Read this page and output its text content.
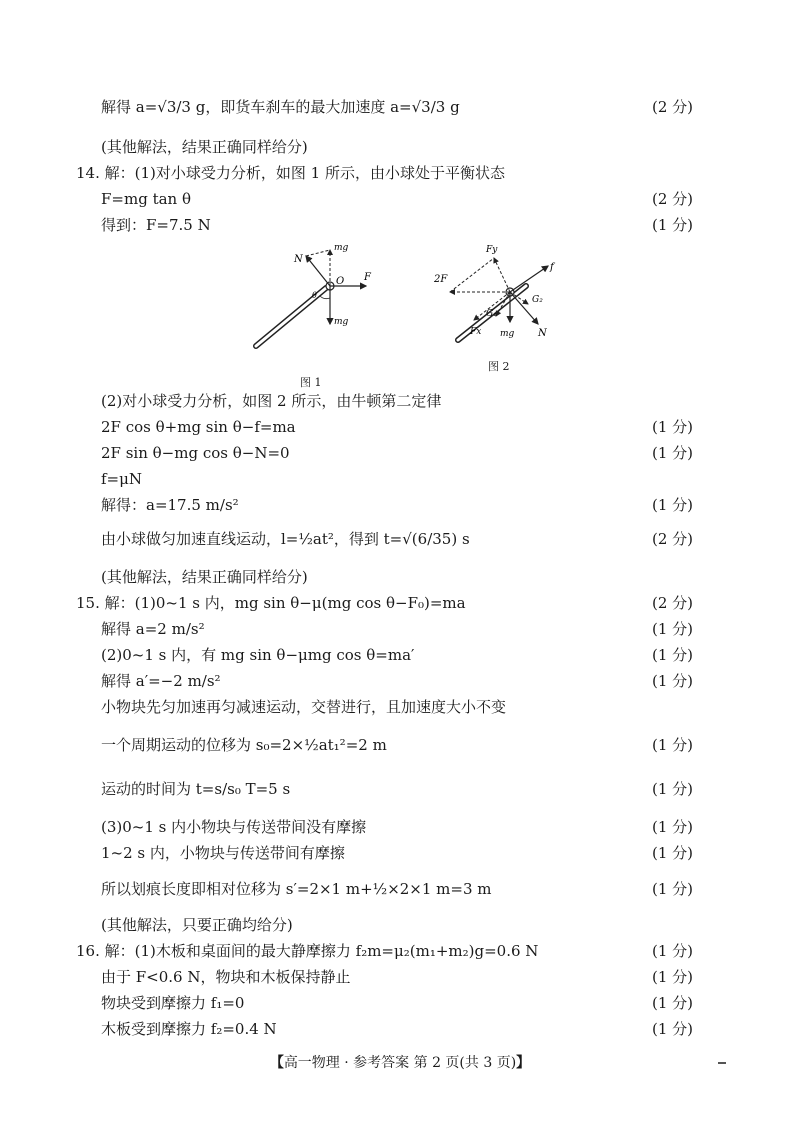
解得 a=√3/3 g，即货车刹车的最大加速度 a=√3/3 g	(2 分)
(其他解法，结果正确同样给分)
14. 解：(1)对小球受力分析，如图 1 所示，由小球处于平衡状态
F=mg tan θ	(2 分)
得到：F=7.5 N	(1 分)
N
mg
O F
θ
mg
图 1
Fy
2F
f
G₂
G₁
Fx mg N
图 2
(2)对小球受力分析，如图 2 所示，由牛顿第二定律
2F cos θ+mg sin θ−f=ma	(1 分)
2F sin θ−mg cos θ−N=0	(1 分)
f=μN
解得：a=17.5 m/s²	(1 分)
由小球做匀加速直线运动，l=½at²，得到 t=√(6/35) s	(2 分)
(其他解法，结果正确同样给分)
15. 解：(1)0~1 s 内，mg sin θ−μ(mg cos θ−F₀)=ma	(2 分)
解得 a=2 m/s²	(1 分)
(2)0~1 s 内，有 mg sin θ−μmg cos θ=ma′	(1 分)
解得 a′=−2 m/s²	(1 分)
小物块先匀加速再匀减速运动，交替进行，且加速度大小不变
一个周期运动的位移为 s₀=2×½at₁²=2 m	(1 分)
运动的时间为 t=s/s₀ T=5 s	(1 分)
(3)0~1 s 内小物块与传送带间没有摩擦	(1 分)
1~2 s 内，小物块与传送带间有摩擦	(1 分)
所以划痕长度即相对位移为 s′=2×1 m+½×2×1 m=3 m	(1 分)
(其他解法，只要正确均给分)
16. 解：(1)木板和桌面间的最大静摩擦力 f₂m=μ₂(m₁+m₂)g=0.6 N	(1 分)
由于 F<0.6 N，物块和木板保持静止	(1 分)
物块受到摩擦力 f₁=0	(1 分)
木板受到摩擦力 f₂=0.4 N	(1 分)
【高一物理 · 参考答案 第 2 页(共 3 页)】
